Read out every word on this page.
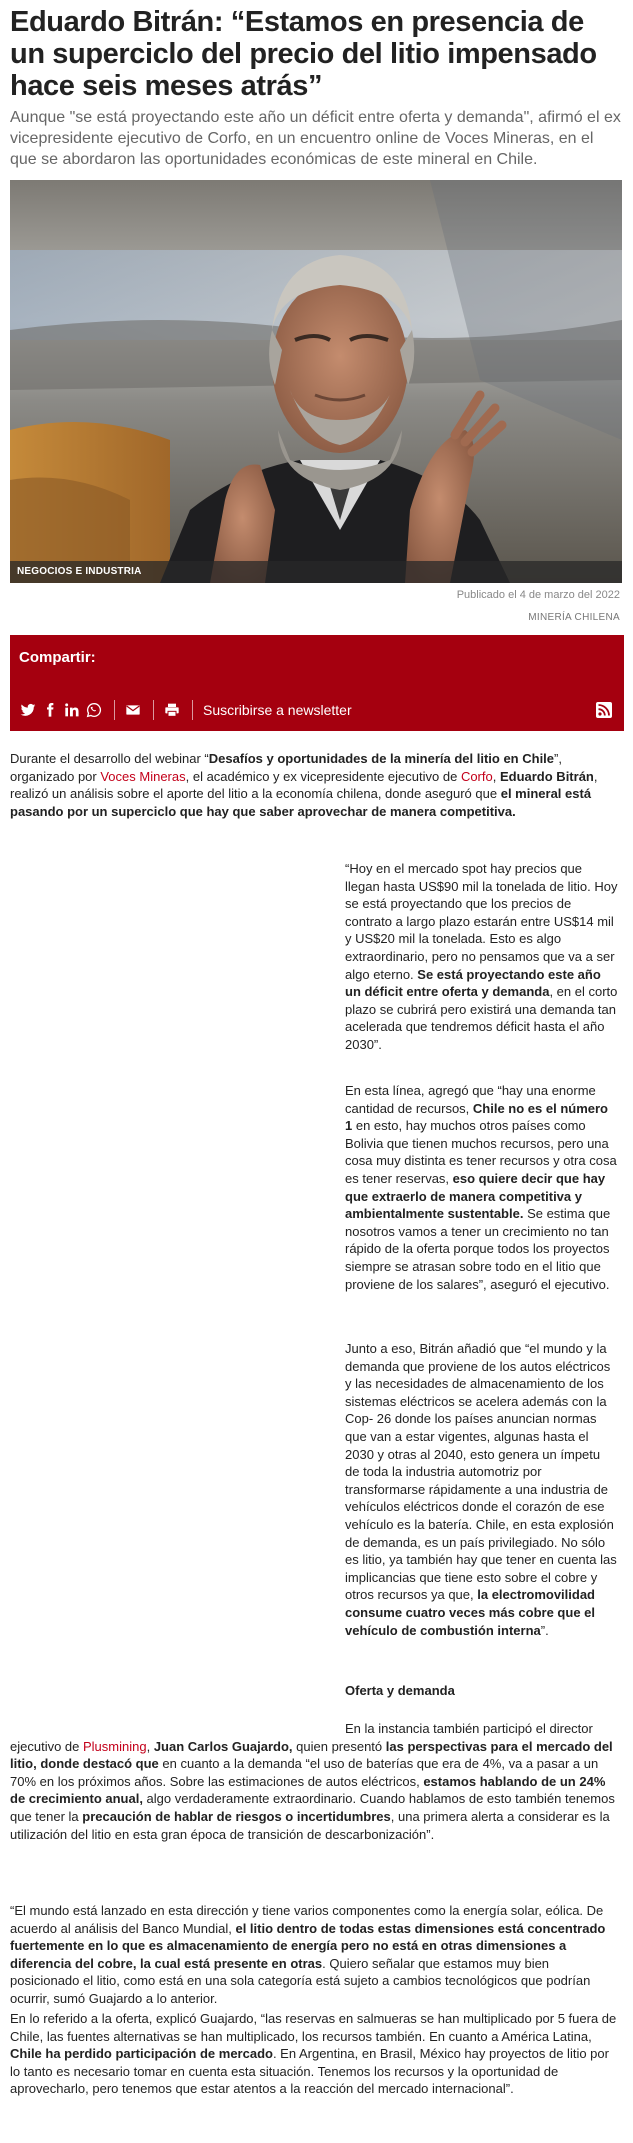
Eduardo Bitrán: “Estamos en presencia de un superciclo del precio del litio impensado hace seis meses atrás”

Aunque "se está proyectando este año un déficit entre oferta y demanda", afirmó el ex vicepresidente ejecutivo de Corfo, en un encuentro online de Voces Mineras, en el que se abordaron las oportunidades económicas de este mineral en Chile.

NEGOCIOS E INDUSTRIA
Publicado el 4 de marzo del 2022
MINERÍA CHILENA
Compartir:
Suscribirse a newsletter

Durante el desarrollo del webinar “Desafíos y oportunidades de la minería del litio en Chile”, organizado por Voces Mineras, el académico y ex vicepresidente ejecutivo de Corfo, Eduardo Bitrán, realizó un análisis sobre el aporte del litio a la economía chilena, donde aseguró que el mineral está pasando por un superciclo que hay que saber aprovechar de manera competitiva.

“Hoy en el mercado spot hay precios que llegan hasta US$90 mil la tonelada de litio. Hoy se está proyectando que los precios de contrato a largo plazo estarán entre US$14 mil y US$20 mil la tonelada. Esto es algo extraordinario, pero no pensamos que va a ser algo eterno. Se está proyectando este año un déficit entre oferta y demanda, en el corto plazo se cubrirá pero existirá una demanda tan acelerada que tendremos déficit hasta el año 2030”.

En esta línea, agregó que “hay una enorme cantidad de recursos, Chile no es el número 1 en esto, hay muchos otros países como Bolivia que tienen muchos recursos, pero una cosa muy distinta es tener recursos y otra cosa es tener reservas, eso quiere decir que hay que extraerlo de manera competitiva y ambientalmente sustentable. Se estima que nosotros vamos a tener un crecimiento no tan rápido de la oferta porque todos los proyectos siempre se atrasan sobre todo en el litio que proviene de los salares”, aseguró el ejecutivo.

Junto a eso, Bitrán añadió que “el mundo y la demanda que proviene de los autos eléctricos y las necesidades de almacenamiento de los sistemas eléctricos se acelera además con la Cop- 26 donde los países anuncian normas que van a estar vigentes, algunas hasta el 2030 y otras al 2040, esto genera un ímpetu de toda la industria automotriz por transformarse rápidamente a una industria de vehículos eléctricos donde el corazón de ese vehículo es la batería. Chile, en esta explosión de demanda, es un país privilegiado. No sólo es litio, ya también hay que tener en cuenta las implicancias que tiene esto sobre el cobre y otros recursos ya que, la electromovilidad consume cuatro veces más cobre que el vehículo de combustión interna”.

Oferta y demanda

En la instancia también participó el director ejecutivo de Plusmining, Juan Carlos Guajardo, quien presentó las perspectivas para el mercado del litio, donde destacó que en cuanto a la demanda “el uso de baterías que era de 4%, va a pasar a un 70% en los próximos años. Sobre las estimaciones de autos eléctricos, estamos hablando de un 24% de crecimiento anual, algo verdaderamente extraordinario. Cuando hablamos de esto también tenemos que tener la precaución de hablar de riesgos o incertidumbres, una primera alerta a considerar es la utilización del litio en esta gran época de transición de descarbonización”.

“El mundo está lanzado en esta dirección y tiene varios componentes como la energía solar, eólica. De acuerdo al análisis del Banco Mundial, el litio dentro de todas estas dimensiones está concentrado fuertemente en lo que es almacenamiento de energía pero no está en otras dimensiones a diferencia del cobre, la cual está presente en otras. Quiero señalar que estamos muy bien posicionado el litio, como está en una sola categoría está sujeto a cambios tecnológicos que podrían ocurrir, sumó Guajardo a lo anterior.

En lo referido a la oferta, explicó Guajardo, “las reservas en salmueras se han multiplicado por 5 fuera de Chile, las fuentes alternativas se han multiplicado, los recursos también. En cuanto a América Latina, Chile ha perdido participación de mercado. En Argentina, en Brasil, México hay proyectos de litio por lo tanto es necesario tomar en cuenta esta situación. Tenemos los recursos y la oportunidad de aprovecharlo, pero tenemos que estar atentos a la reacción del mercado internacional”.
